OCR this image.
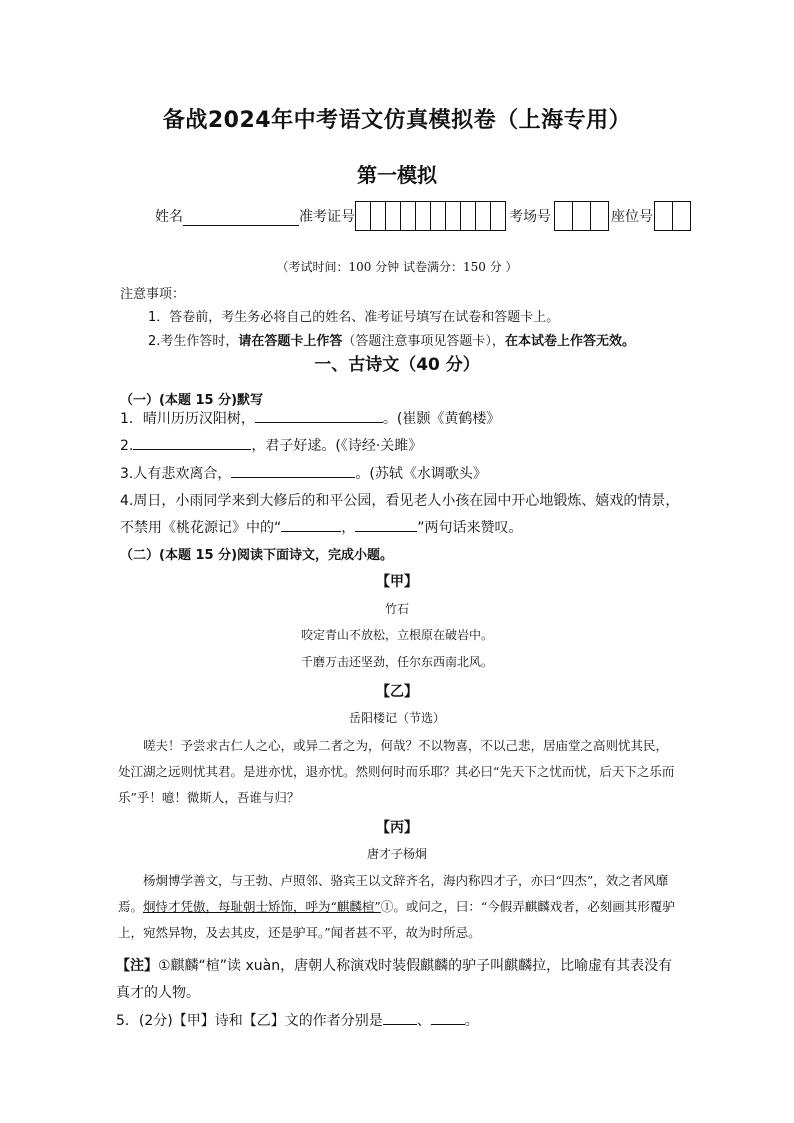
备战2024年中考语文仿真模拟卷（上海专用）
第一模拟
姓名	准考证号	考场号	座位号
（考试时间：100 分钟 试卷满分：150 分 ）
注意事项：
1．答卷前，考生务必将自己的姓名、准考证号填写在试卷和答题卡上。
2.考生作答时，请在答题卡上作答（答题注意事项见答题卡），在本试卷上作答无效。
一、古诗文（40 分）
（一）(本题 15 分)默写
1．晴川历历汉阳树，	。(崔颢《黄鹤楼》
2.	，君子好逑。(《诗经·关雎》
3.人有悲欢离合，	。(苏轼《水调歌头》
4.周日，小雨同学来到大修后的和平公园，看见老人小孩在园中开心地锻炼、嬉戏的情景，
不禁用《桃花源记》中的“	，	”两句话来赞叹。
（二）(本题 15 分)阅读下面诗文，完成小题。
【甲】
竹石
咬定青山不放松，立根原在破岩中。
千磨万击还坚劲，任尔东西南北风。
【乙】
岳阳楼记（节选）
嗟夫！予尝求古仁人之心，或异二者之为，何哉？不以物喜，不以己悲，居庙堂之高则忧其民，处江湖之远则忧其君。是进亦忧，退亦忧。然则何时而乐耶？其必曰“先天下之忧而忧，后天下之乐而乐”乎！噫！微斯人，吾谁与归？
【丙】
唐才子杨炯
杨炯博学善文，与王勃、卢照邻、骆宾王以文辞齐名，海内称四才子，亦曰“四杰”，效之者风靡焉。炯恃才凭傲，每耻朝士矫饰，呼为“麒麟楦”①。或问之，曰：“今假弄麒麟戏者，必刻画其形覆驴上，宛然异物，及去其皮，还是驴耳。”闻者甚不平，故为时所忌。
【注】①麒麟“楦”读 xuàn，唐朝人称演戏时装假麒麟的驴子叫麒麟拉，比喻虚有其表没有
真才的人物。
5．(2分)【甲】诗和【乙】文的作者分别是 、 。
